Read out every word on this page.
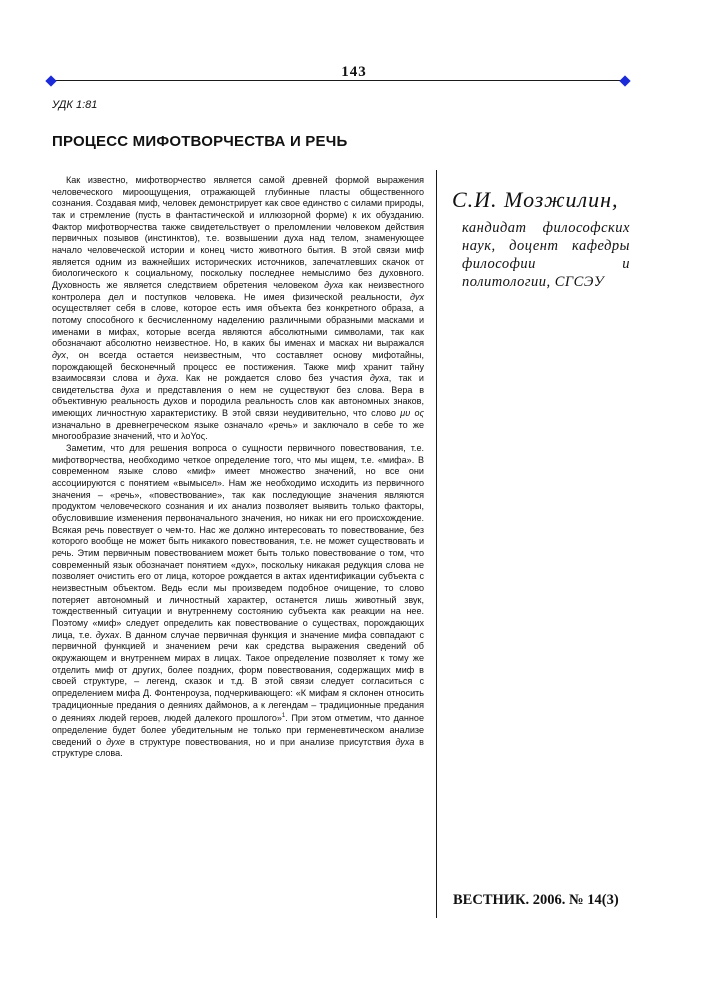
143
УДК 1:81
ПРОЦЕСС МИФОТВОРЧЕСТВА И РЕЧЬ

Как известно, мифотворчество является самой древней формой выражения человеческого мироощущения, отражающей глубинные пласты общественного сознания. Создавая миф, человек демонстрирует как свое единство с силами природы, так и стремление (пусть в фантастической и иллюзорной форме) к их обузданию. Фактор мифотворчества также свидетельствует о преломлении человеком действия первичных позывов (инстинктов), т.е. возвышении духа над телом, знаменующее начало человеческой истории и конец чисто животного бытия. В этой связи миф является одним из важнейших исторических источников, запечатлевших скачок от биологического к социальному, поскольку последнее немыслимо без духовного. Духовность же является следствием обретения человеком духа как неизвестного контролера дел и поступков человека. Не имея физической реальности, дух осуществляет себя в слове, которое есть имя объекта без конкретного образа, а потому способного к бесчисленному наделению различными образными масками и именами в мифах, которые всегда являются абсолютными символами, так как обозначают абсолютно неизвестное. Но, в каких бы именах и масках ни выражался дух, он всегда остается неизвестным, что составляет основу мифотайны, порождающей бесконечный процесс ее постижения. Также миф хранит тайну взаимосвязи слова и духа. Как не рождается слово без участия духа, так и свидетельства духа и представления о нем не существуют без слова. Вера в объективную реальность духов и породила реальность слов как автономных знаков, имеющих личностную характеристику. В этой связи неудивительно, что слово μυ ος изначально в древнегреческом языке означало «речь» и заключало в себе то же многообразие значений, что и λοΥος.

Заметим, что для решения вопроса о сущности первичного повествования, т.е. мифотворчества, необходимо четкое определение того, что мы ищем, т.е. «мифа». В современном языке слово «миф» имеет множество значений, но все они ассоциируются с понятием «вымысел». Нам же необходимо исходить из первичного значения – «речь», «повествование», так как последующие значения являются продуктом человеческого сознания и их анализ позволяет выявить только факторы, обусловившие изменения первоначального значения, но никак ни его происхождение. Всякая речь повествует о чем-то. Нас же должно интересовать то повествование, без которого вообще не может быть никакого повествования, т.е. не может существовать и речь. Этим первичным повествованием может быть только повествование о том, что современный язык обозначает понятием «дух», поскольку никакая редукция слова не позволяет очистить его от лица, которое рождается в актах идентификации субъекта с неизвестным объектом. Ведь если мы произведем подобное очищение, то слово потеряет автономный и личностный характер, останется лишь животный звук, тождественный ситуации и внутреннему состоянию субъекта как реакции на нее. Поэтому «миф» следует определить как повествование о существах, порождающих лица, т.е. духах. В данном случае первичная функция и значение мифа совпадают с первичной функцией и значением речи как средства выражения сведений об окружающем и внутреннем мирах в лицах. Такое определение позволяет к тому же отделить миф от других, более поздних, форм повествования, содержащих миф в своей структуре, – легенд, сказок и т.д. В этой связи следует согласиться с определением мифа Д. Фонтенроуза, подчеркивающего: «К мифам я склонен относить традиционные предания о деяниях даймонов, а к легендам – традиционные предания о деяниях людей героев, людей далекого прошлого»$^1$. При этом отметим, что данное определение будет более убедительным не только при герменевтическом анализе сведений о духе в структуре повествования, но и при анализе присутствия духа в структуре слова.

С.И. Мозжилин,
кандидат философских наук, доцент кафедры философии и политологии, СГСЭУ
ВЕСТНИК. 2006. № 14(3)
